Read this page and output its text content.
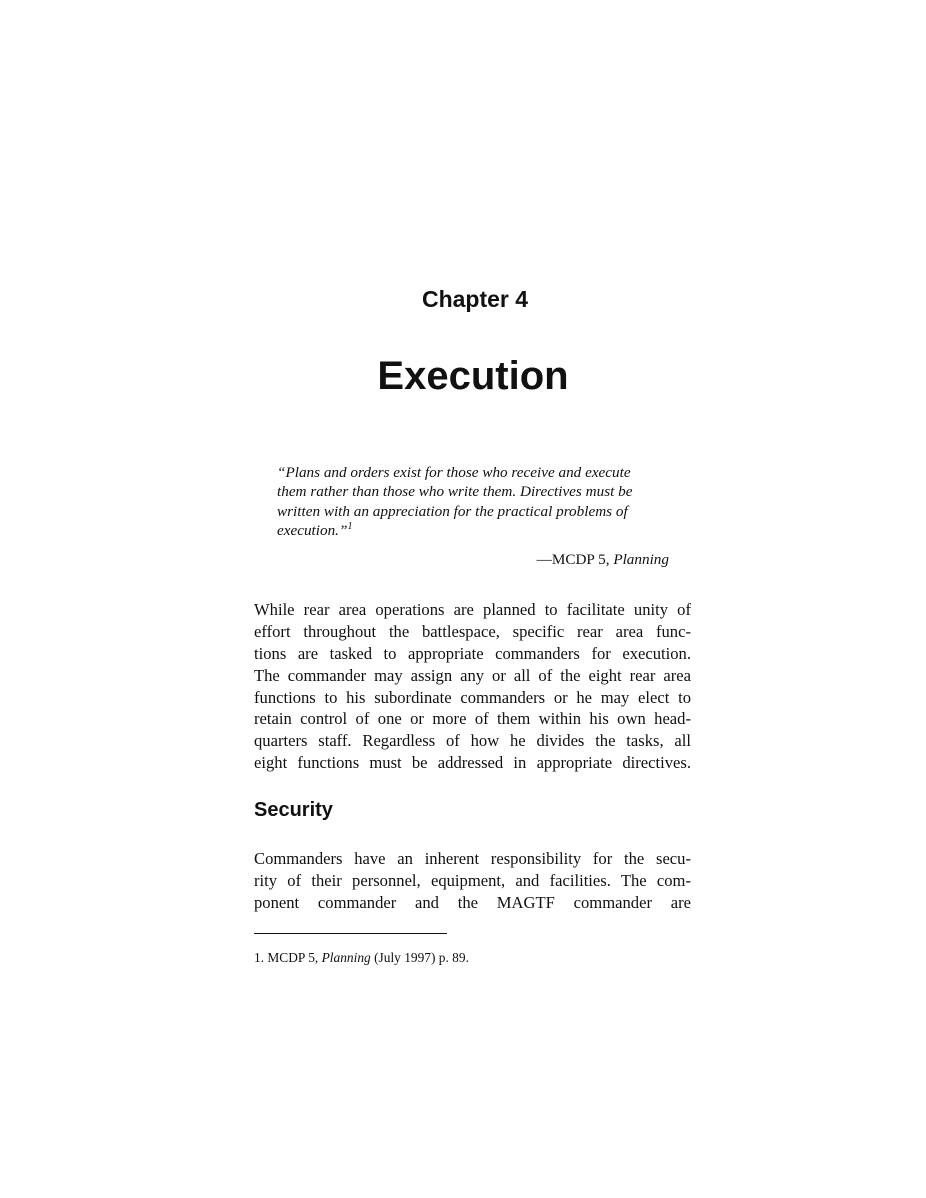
Chapter 4
Execution
“Plans and orders exist for those who receive and execute
them rather than those who write them. Directives must be
written with an appreciation for the practical problems of
execution.”$^1$
—MCDP 5, Planning
While rear area operations are planned to facilitate unity of
effort throughout the battlespace, specific rear area func-
tions are tasked to appropriate commanders for execution.
The commander may assign any or all of the eight rear area
functions to his subordinate commanders or he may elect to
retain control of one or more of them within his own head-
quarters staff. Regardless of how he divides the tasks, all
eight functions must be addressed in appropriate directives.
Security
Commanders have an inherent responsibility for the secu-
rity of their personnel, equipment, and facilities. The com-
ponent commander and the MAGTF commander are
1. MCDP 5, Planning (July 1997) p. 89.
